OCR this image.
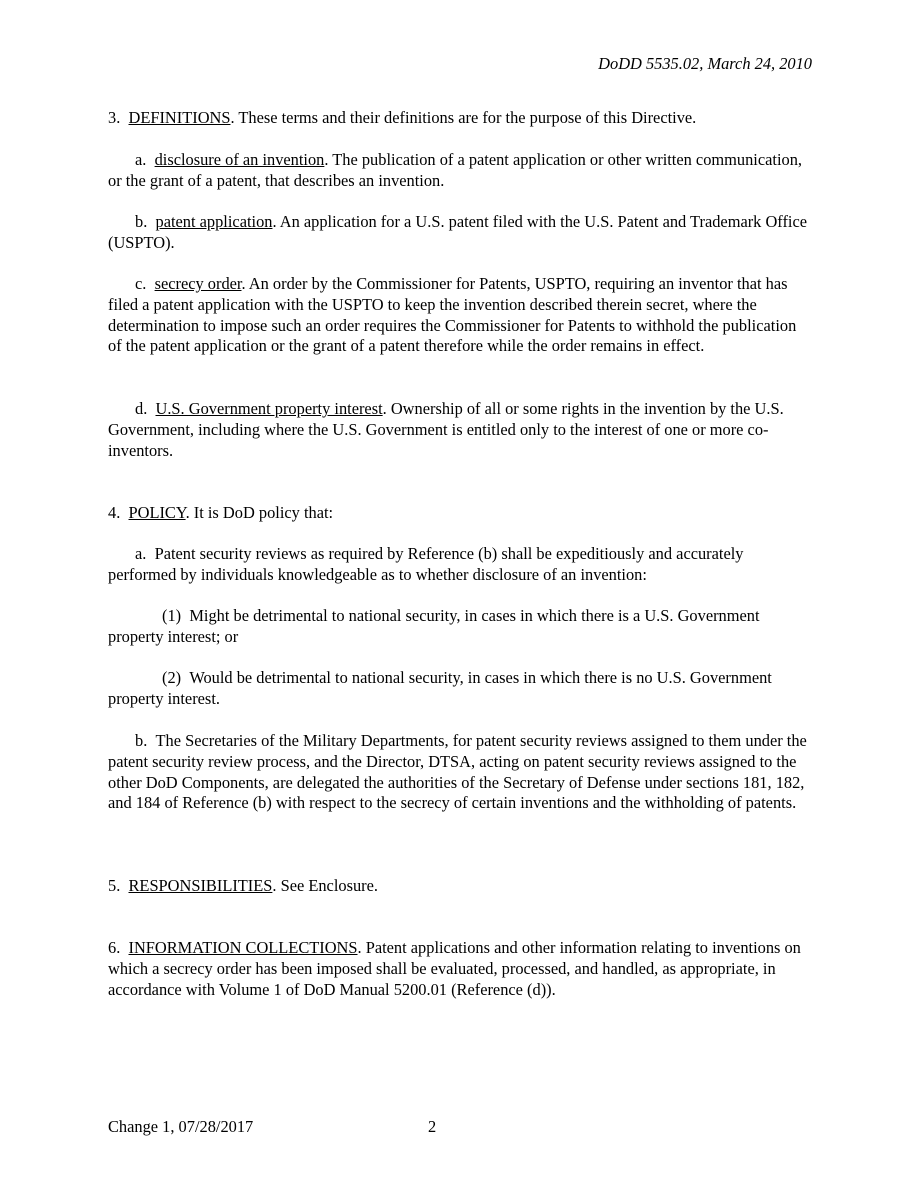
DoDD 5535.02, March 24, 2010
3. DEFINITIONS. These terms and their definitions are for the purpose of this Directive.
a. disclosure of an invention. The publication of a patent application or other written communication, or the grant of a patent, that describes an invention.
b. patent application. An application for a U.S. patent filed with the U.S. Patent and Trademark Office (USPTO).
c. secrecy order. An order by the Commissioner for Patents, USPTO, requiring an inventor that has filed a patent application with the USPTO to keep the invention described therein secret, where the determination to impose such an order requires the Commissioner for Patents to withhold the publication of the patent application or the grant of a patent therefore while the order remains in effect.
d. U.S. Government property interest. Ownership of all or some rights in the invention by the U.S. Government, including where the U.S. Government is entitled only to the interest of one or more co-inventors.
4. POLICY. It is DoD policy that:
a. Patent security reviews as required by Reference (b) shall be expeditiously and accurately performed by individuals knowledgeable as to whether disclosure of an invention:
(1) Might be detrimental to national security, in cases in which there is a U.S. Government property interest; or
(2) Would be detrimental to national security, in cases in which there is no U.S. Government property interest.
b. The Secretaries of the Military Departments, for patent security reviews assigned to them under the patent security review process, and the Director, DTSA, acting on patent security reviews assigned to the other DoD Components, are delegated the authorities of the Secretary of Defense under sections 181, 182, and 184 of Reference (b) with respect to the secrecy of certain inventions and the withholding of patents.
5. RESPONSIBILITIES. See Enclosure.
6. INFORMATION COLLECTIONS. Patent applications and other information relating to inventions on which a secrecy order has been imposed shall be evaluated, processed, and handled, as appropriate, in accordance with Volume 1 of DoD Manual 5200.01 (Reference (d)).
Change 1, 07/28/2017	2
